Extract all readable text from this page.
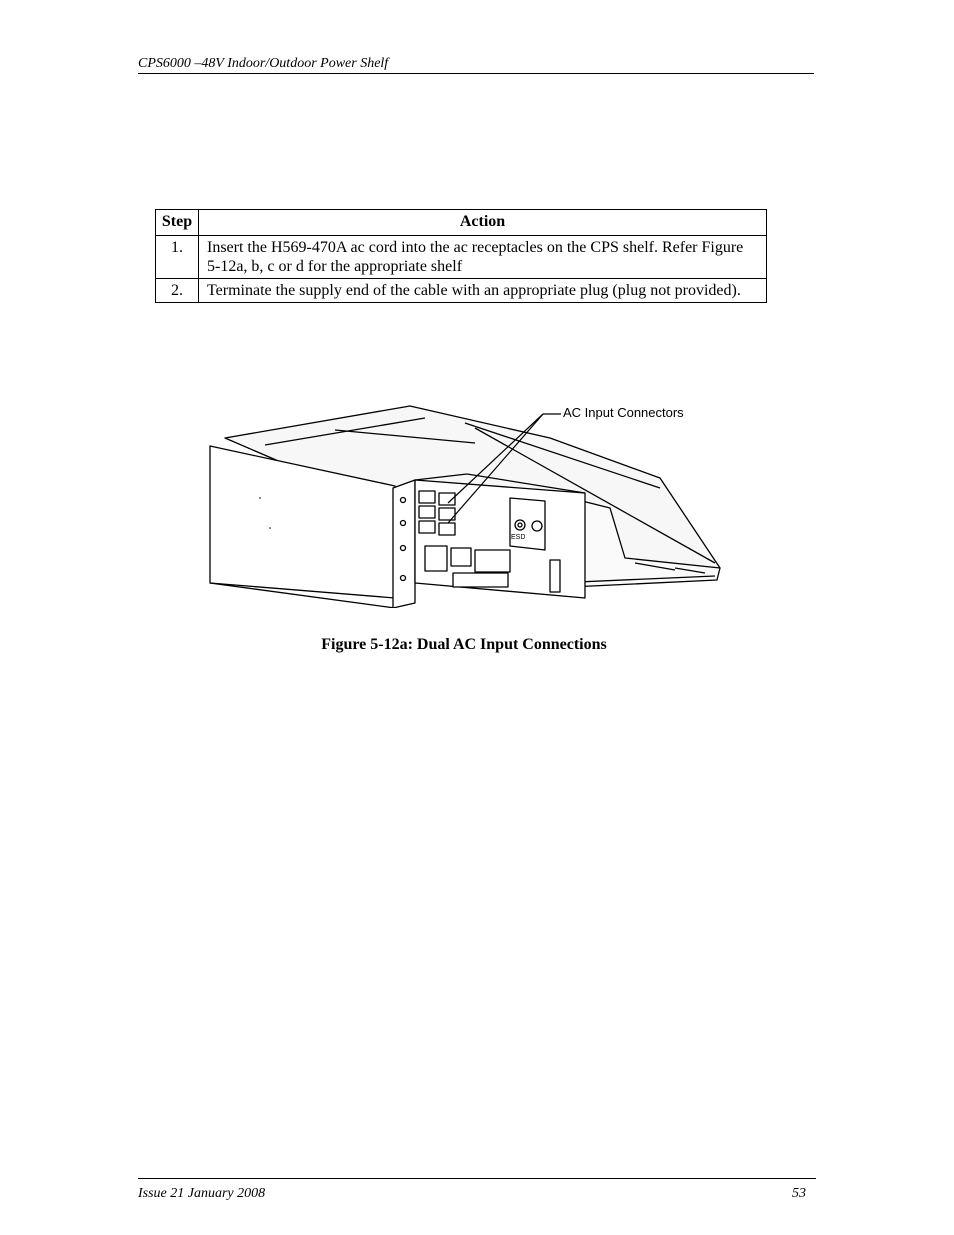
CPS6000 –48V Indoor/Outdoor Power Shelf
Step	Action
1.	Insert the H569-470A ac cord into the ac receptacles on the CPS shelf. Refer Figure 5-12a, b, c or d for the appropriate shelf
2.	Terminate the supply end of the cable with an appropriate plug (plug not provided).
ESD
AC Input Connectors
Figure 5-12a: Dual AC Input Connections
Issue 21 January 2008	53
